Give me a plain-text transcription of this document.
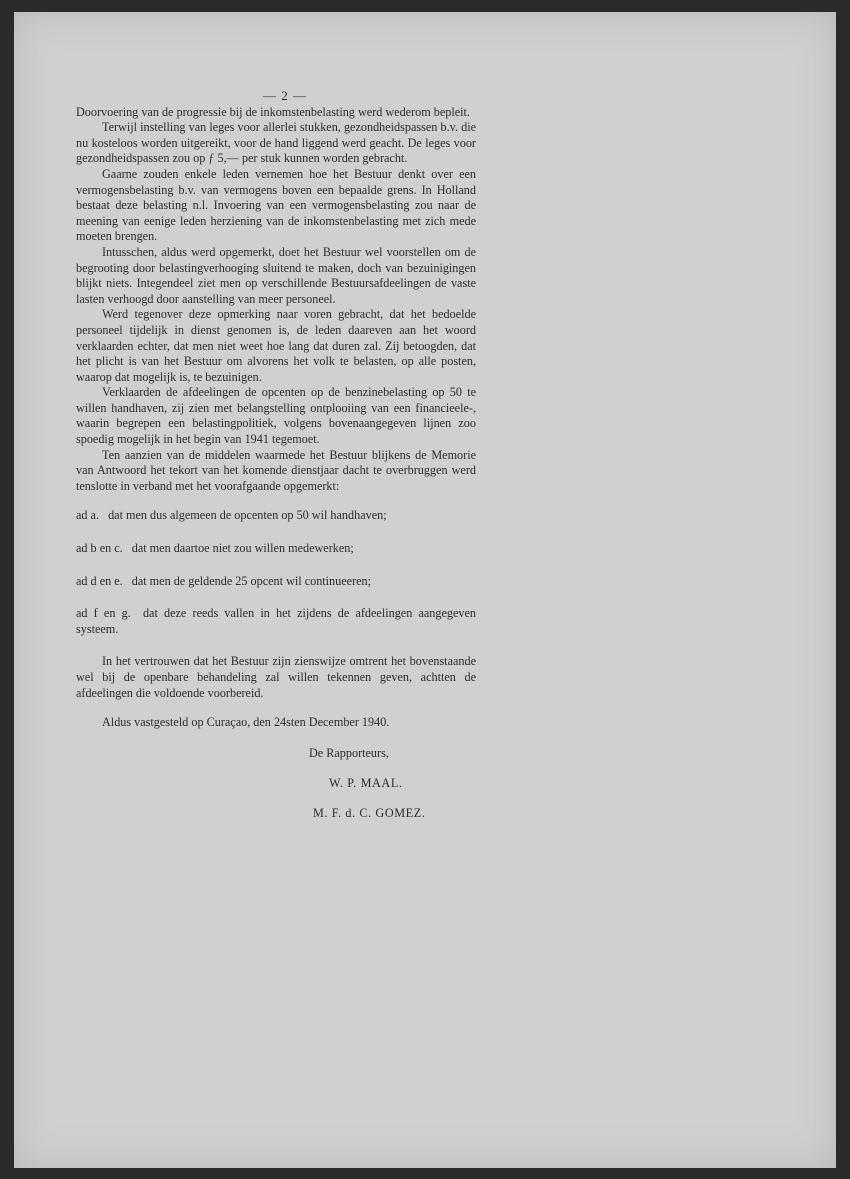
— 2 —

Doorvoering van de progressie bij de inkomstenbelasting werd wederom bepleit.

Terwijl instelling van leges voor allerlei stukken, gezondheidspassen b.v. die nu kosteloos worden uitgereikt, voor de hand liggend werd geacht. De leges voor gezondheidspassen zou op ƒ 5,— per stuk kunnen worden gebracht.

Gaarne zouden enkele leden vernemen hoe het Bestuur denkt over een vermogensbelasting b.v. van vermogens boven een bepaalde grens. In Holland bestaat deze belasting n.l. Invoering van een vermogensbelasting zou naar de meening van eenige leden herziening van de inkomstenbelasting met zich mede moeten brengen.

Intusschen, aldus werd opgemerkt, doet het Bestuur wel voorstellen om de begrooting door belastingverhooging sluitend te maken, doch van bezuinigingen blijkt niets. Integendeel ziet men op verschillende Bestuursafdeelingen de vaste lasten verhoogd door aanstelling van meer personeel.

Werd tegenover deze opmerking naar voren gebracht, dat het bedoelde personeel tijdelijk in dienst genomen is, de leden daareven aan het woord verklaarden echter, dat men niet weet hoe lang dat duren zal. Zij betoogden, dat het plicht is van het Bestuur om alvorens het volk te belasten, op alle posten, waarop dat mogelijk is, te bezuinigen.

Verklaarden de afdeelingen de opcenten op de benzinebelasting op 50 te willen handhaven, zij zien met belangstelling ontplooiing van een financieele-, waarin begrepen een belastingpolitiek, volgens bovenaangegeven lijnen zoo spoedig mogelijk in het begin van 1941 tegemoet.

Ten aanzien van de middelen waarmede het Bestuur blijkens de Memorie van Antwoord het tekort van het komende dienstjaar dacht te overbruggen werd tenslotte in verband met het voorafgaande opgemerkt:

ad a. dat men dus algemeen de opcenten op 50 wil handhaven;

ad b en c. dat men daartoe niet zou willen medewerken;

ad d en e. dat men de geldende 25 opcent wil continueeren;

ad f en g. dat deze reeds vallen in het zijdens de afdeelingen aangegeven systeem.

In het vertrouwen dat het Bestuur zijn zienswijze omtrent het bovenstaande wel bij de openbare behandeling zal willen tekennen geven, achtten de afdeelingen die voldoende voorbereid.

Aldus vastgesteld op Curaçao, den 24sten December 1940.

De Rapporteurs,

W. P. MAAL.

M. F. d. C. GOMEZ.
